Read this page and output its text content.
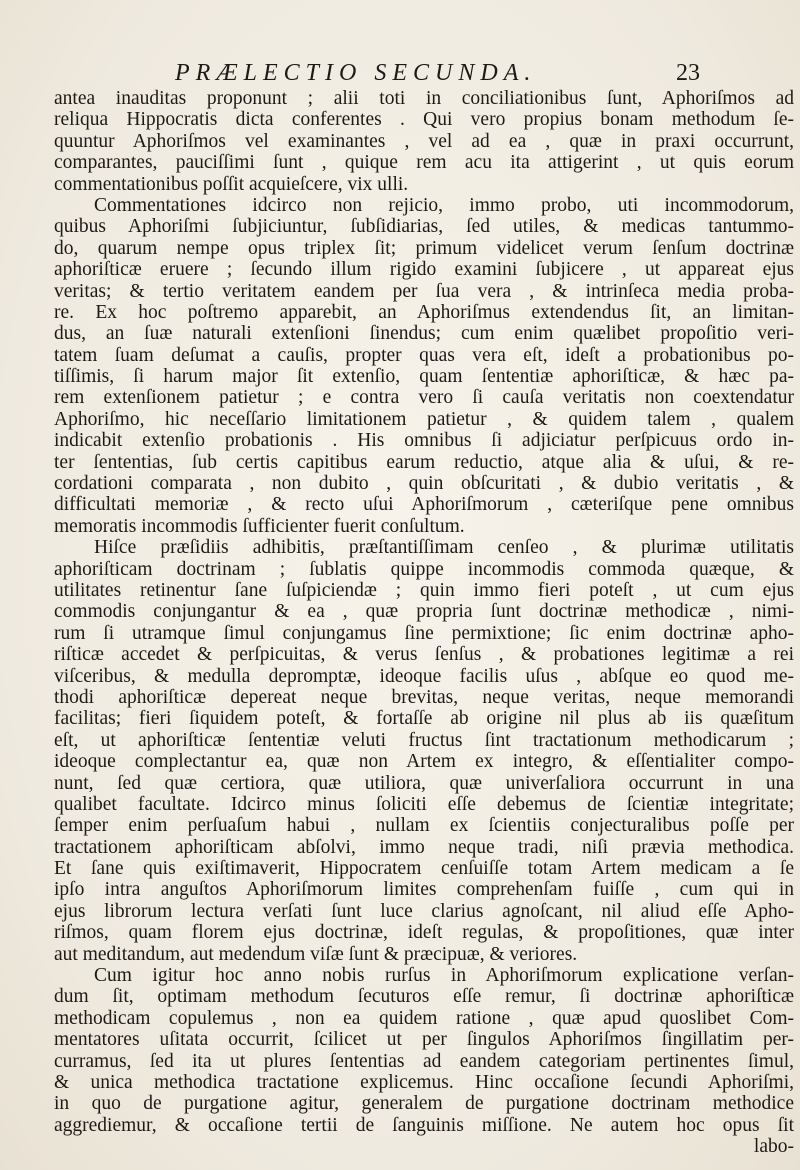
PRÆLECTIO SECUNDA.	23
antea inauditas proponunt ; alii toti in conciliationibus ſunt, Aphoriſmos ad
reliqua Hippocratis dicta conferentes . Qui vero propius bonam methodum ſe-
quuntur Aphoriſmos vel examinantes , vel ad ea , quæ in praxi occurrunt,
comparantes, pauciſſimi ſunt , quique rem acu ita attigerint , ut quis eorum
commentationibus poſſit acquieſcere, vix ulli.
Commentationes idcirco non rejicio, immo probo, uti incommodorum,
quibus Aphoriſmi ſubjiciuntur, ſubſidiarias, ſed utiles, & medicas tantummo-
do, quarum nempe opus triplex ſit; primum videlicet verum ſenſum doctrinæ
aphoriſticæ eruere ; ſecundo illum rigido examini ſubjicere , ut appareat ejus
veritas; & tertio veritatem eandem per ſua vera , & intrinſeca media proba-
re. Ex hoc poſtremo apparebit, an Aphoriſmus extendendus ſit, an limitan-
dus, an ſuæ naturali extenſioni ſinendus; cum enim quælibet propoſitio veri-
tatem ſuam deſumat a cauſis, propter quas vera eſt, ideſt a probationibus po-
tiſſimis, ſi harum major ſit extenſio, quam ſententiæ aphoriſticæ, & hæc pa-
rem extenſionem patietur ; e contra vero ſi cauſa veritatis non coextendatur
Aphoriſmo, hic neceſſario limitationem patietur , & quidem talem , qualem
indicabit extenſio probationis . His omnibus ſi adjiciatur perſpicuus ordo in-
ter ſententias, ſub certis capitibus earum reductio, atque alia & uſui, & re-
cordationi comparata , non dubito , quin obſcuritati , & dubio veritatis , &
difficultati memoriæ , & recto uſui Aphoriſmorum , cæteriſque pene omnibus
memoratis incommodis ſufficienter fuerit conſultum.
Hiſce præſidiis adhibitis, præſtantiſſimam cenſeo , & plurimæ utilitatis
aphoriſticam doctrinam ; ſublatis quippe incommodis commoda quæque, &
utilitates retinentur ſane ſuſpiciendæ ; quin immo fieri poteſt , ut cum ejus
commodis conjungantur & ea , quæ propria ſunt doctrinæ methodicæ , nimi-
rum ſi utramque ſimul conjungamus ſine permixtione; ſic enim doctrinæ apho-
riſticæ accedet & perſpicuitas, & verus ſenſus , & probationes legitimæ a rei
viſceribus, & medulla depromptæ, ideoque facilis uſus , abſque eo quod me-
thodi aphoriſticæ depereat neque brevitas, neque veritas, neque memorandi
facilitas; fieri ſiquidem poteſt, & fortaſſe ab origine nil plus ab iis quæſitum
eſt, ut aphoriſticæ ſententiæ veluti fructus ſint tractationum methodicarum ;
ideoque complectantur ea, quæ non Artem ex integro, & eſſentialiter compo-
nunt, ſed quæ certiora, quæ utiliora, quæ univerſaliora occurrunt in una
qualibet facultate. Idcirco minus ſoliciti eſſe debemus de ſcientiæ integritate;
ſemper enim perſuaſum habui , nullam ex ſcientiis conjecturalibus poſſe per
tractationem aphoriſticam abſolvi, immo neque tradi, niſi prævia methodica.
Et ſane quis exiſtimaverit, Hippocratem cenſuiſſe totam Artem medicam a ſe
ipſo intra anguſtos Aphoriſmorum limites comprehenſam fuiſſe , cum qui in
ejus librorum lectura verſati ſunt luce clarius agnoſcant, nil aliud eſſe Apho-
riſmos, quam florem ejus doctrinæ, ideſt regulas, & propoſitiones, quæ inter
aut meditandum, aut medendum viſæ ſunt & præcipuæ, & veriores.
Cum igitur hoc anno nobis rurſus in Aphoriſmorum explicatione verſan-
dum ſit, optimam methodum ſecuturos eſſe remur, ſi doctrinæ aphoriſticæ
methodicam copulemus , non ea quidem ratione , quæ apud quoslibet Com-
mentatores uſitata occurrit, ſcilicet ut per ſingulos Aphoriſmos ſingillatim per-
curramus, ſed ita ut plures ſententias ad eandem categoriam pertinentes ſimul,
& unica methodica tractatione explicemus. Hinc occaſione ſecundi Aphoriſmi,
in quo de purgatione agitur, generalem de purgatione doctrinam methodice
aggrediemur, & occaſione tertii de ſanguinis miſſione. Ne autem hoc opus ſit
labo-
